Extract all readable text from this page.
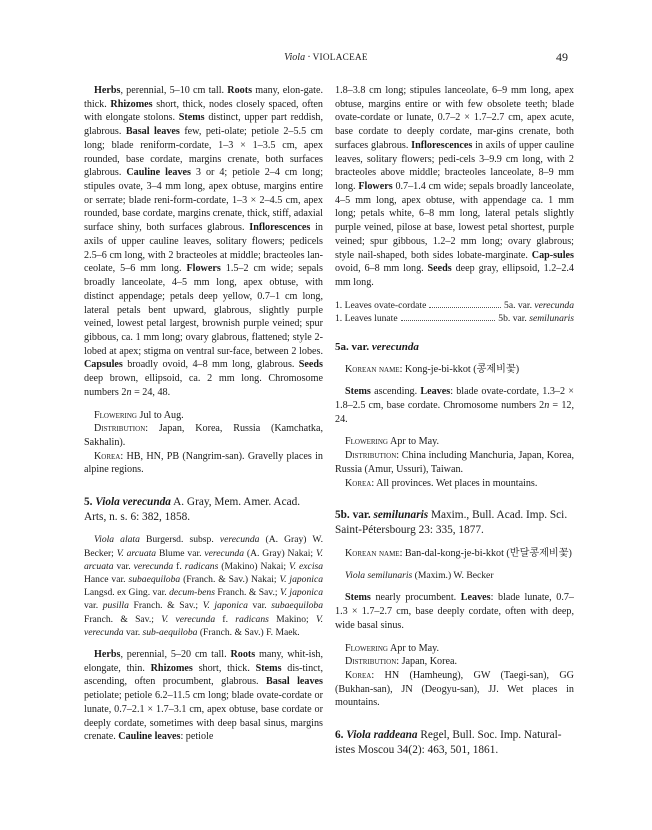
Viola · VIOLACEAE	49

Herbs, perennial, 5–10 cm tall. Roots many, elon-gate. thick. Rhizomes short, thick, nodes closely spaced, often with elongate stolons. Stems distinct, upper part reddish, glabrous. Basal leaves few, peti-olate; petiole 2–5.5 cm long; blade reniform-cordate, 1–3 × 1–3.5 cm, apex rounded, base cordate, margins crenate, both surfaces glabrous. Cauline leaves 3 or 4; petiole 2–4 cm long; stipules ovate, 3–4 mm long, apex obtuse, margins entire or serrate; blade reni-form-cordate, 1–3 × 2–4.5 cm, apex rounded, base cordate, margins crenate, thick, stiff, adaxial surface shiny, both surfaces glabrous. Inflorescences in axils of upper cauline leaves, solitary flowers; pedicels 2.5–6 cm long, with 2 bracteoles at middle; bracteoles lan-ceolate, 5–6 mm long. Flowers 1.5–2 cm wide; sepals broadly lanceolate, 4–5 mm long, apex obtuse, with distinct appendage; petals deep yellow, 0.7–1 cm long, lateral petals bent upward, glabrous, slightly purple veined, lowest petal largest, brownish purple veined; spur gibbous, ca. 1 mm long; ovary glabrous, flattened; style 2-lobed at apex; stigma on ventral sur-face, between 2 lobes. Capsules broadly ovoid, 4–8 mm long, glabrous. Seeds deep brown, ellipsoid, ca. 2 mm long. Chromosome numbers 2n = 24, 48.

Flowering Jul to Aug.

Distribution: Japan, Korea, Russia (Kamchatka, Sakhalin).

Korea: HB, HN, PB (Nangrim-san). Gravelly places in alpine regions.

5. Viola verecunda A. Gray, Mem. Amer. Acad. Arts, n. s. 6: 382, 1858.

Viola alata Burgersd. subsp. verecunda (A. Gray) W. Becker; V. arcuata Blume var. verecunda (A. Gray) Nakai; V. arcuata var. verecunda f. radicans (Makino) Nakai; V. excisa Hance var. subaequiloba (Franch. & Sav.) Nakai; V. japonica Langsd. ex Ging. var. decum-bens Franch. & Sav.; V. japonica var. pusilla Franch. & Sav.; V. japonica var. subaequiloba Franch. & Sav.; V. verecunda f. radicans Makino; V. verecunda var. sub-aequiloba (Franch. & Sav.) F. Maek.

Herbs, perennial, 5–20 cm tall. Roots many, whit-ish, elongate, thin. Rhizomes short, thick. Stems dis-tinct, ascending, often procumbent, glabrous. Basal leaves petiolate; petiole 6.2–11.5 cm long; blade ovate-cordate or lunate, 0.7–2.1 × 1.7–3.1 cm, apex obtuse, base cordate or deeply cordate, sometimes with deep basal sinus, margins crenate. Cauline leaves: petiole

1.8–3.8 cm long; stipules lanceolate, 6–9 mm long, apex obtuse, margins entire or with few obsolete teeth; blade ovate-cordate or lunate, 0.7–2 × 1.7–2.7 cm, apex acute, base cordate to deeply cordate, mar-gins crenate, both surfaces glabrous. Inflorescences in axils of upper cauline leaves, solitary flowers; pedi-cels 3–9.9 cm long, with 2 bracteoles above middle; bracteoles lanceolate, 8–9 mm long. Flowers 0.7–1.4 cm wide; sepals broadly lanceolate, 4–5 mm long, apex obtuse, with appendage ca. 1 mm long; petals white, 6–8 mm long, lateral petals slightly purple veined, pilose at base, lowest petal shortest, purple veined; spur gibbous, 1.2–2 mm long; ovary glabrous; style nail-shaped, both sides lobate-marginate. Cap-sules ovoid, 6–8 mm long. Seeds deep gray, ellipsoid, 1.2–2.4 mm long.

1. Leaves ovate-cordate	5a. var. verecunda
1. Leaves lunate	5b. var. semilunaris

5a. var. verecunda

Korean name: Kong-je-bi-kkot (콩제비꽃)

Stems ascending. Leaves: blade ovate-cordate, 1.3–2 × 1.8–2.5 cm, base cordate. Chromosome numbers 2n = 12, 24.

Flowering Apr to May.

Distribution: China including Manchuria, Japan, Korea, Russia (Amur, Ussuri), Taiwan.

Korea: All provinces. Wet places in mountains.

5b. var. semilunaris Maxim., Bull. Acad. Imp. Sci. Saint-Pétersbourg 23: 335, 1877.

Korean name: Ban-dal-kong-je-bi-kkot (반달콩제비꽃)

Viola semilunaris (Maxim.) W. Becker

Stems nearly procumbent. Leaves: blade lunate, 0.7–1.3 × 1.7–2.7 cm, base deeply cordate, often with deep, wide basal sinus.

Flowering Apr to May.

Distribution: Japan, Korea.

Korea: HN (Hamheung), GW (Taegi-san), GG (Bukhan-san), JN (Deogyu-san), JJ. Wet places in mountains.

6. Viola raddeana Regel, Bull. Soc. Imp. Natural-istes Moscou 34(2): 463, 501, 1861.
